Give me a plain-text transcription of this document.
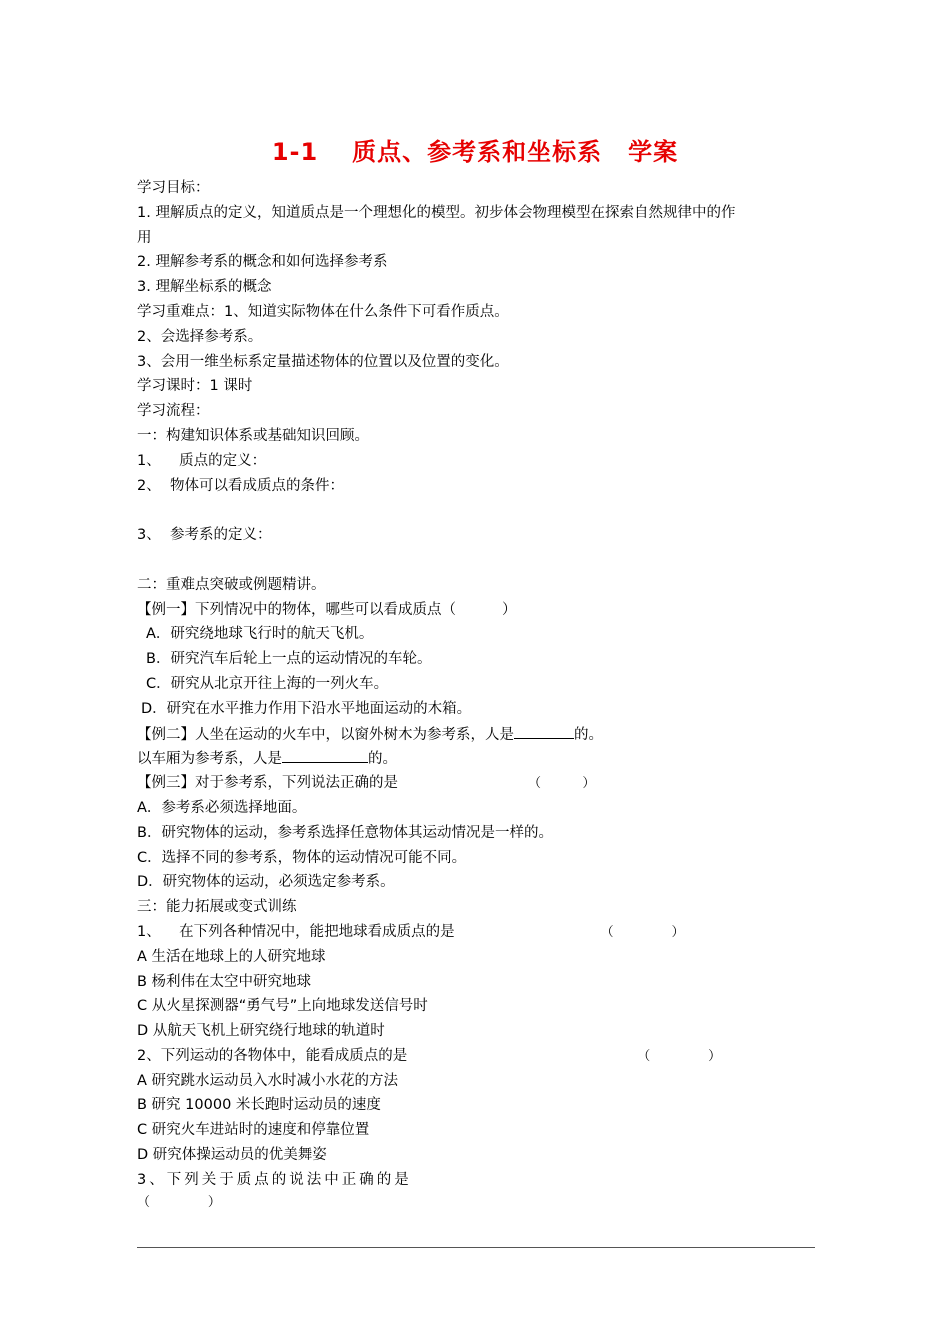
1-1 质点、参考系和坐标系 学案
学习目标：
1. 理解质点的定义，知道质点是一个理想化的模型。初步体会物理模型在探索自然规律中的作
用
2. 理解参考系的概念和如何选择参考系
3. 理解坐标系的概念
学习重难点：1、知道实际物体在什么条件下可看作质点。
2、会选择参考系。
3、会用一维坐标系定量描述物体的位置以及位置的变化。
学习课时：1 课时
学习流程：
一：构建知识体系或基础知识回顾。
1、    质点的定义：
2、  物体可以看成质点的条件：
3、  参考系的定义：
二：重难点突破或例题精讲。
【例一】下列情况中的物体，哪些可以看成质点（	）
A．研究绕地球飞行时的航天飞机。
B．研究汽车后轮上一点的运动情况的车轮。
C．研究从北京开往上海的一列火车。
D．研究在水平推力作用下沿水平地面运动的木箱。
【例二】人坐在运动的火车中，以窗外树木为参考系，人是	的。
以车厢为参考系，人是	的。
【例三】对于参考系，下列说法正确的是	（          ）
A．参考系必须选择地面。
B．研究物体的运动，参考系选择任意物体其运动情况是一样的。
C．选择不同的参考系，物体的运动情况可能不同。
D．研究物体的运动，必须选定参考系。
三：能力拓展或变式训练
1、    在下列各种情况中，能把地球看成质点的是	（              ）
A 生活在地球上的人研究地球
B 杨利伟在太空中研究地球
C 从火星探测器“勇气号”上向地球发送信号时
D 从航天飞机上研究绕行地球的轨道时
2、下列运动的各物体中，能看成质点的是	（              ）
A 研究跳水运动员入水时减小水花的方法
B 研究 10000 米长跑时运动员的速度
C 研究火车进站时的速度和停靠位置
D 研究体操运动员的优美舞姿
3、下列关于质点的说法中正确的是
（              ）
